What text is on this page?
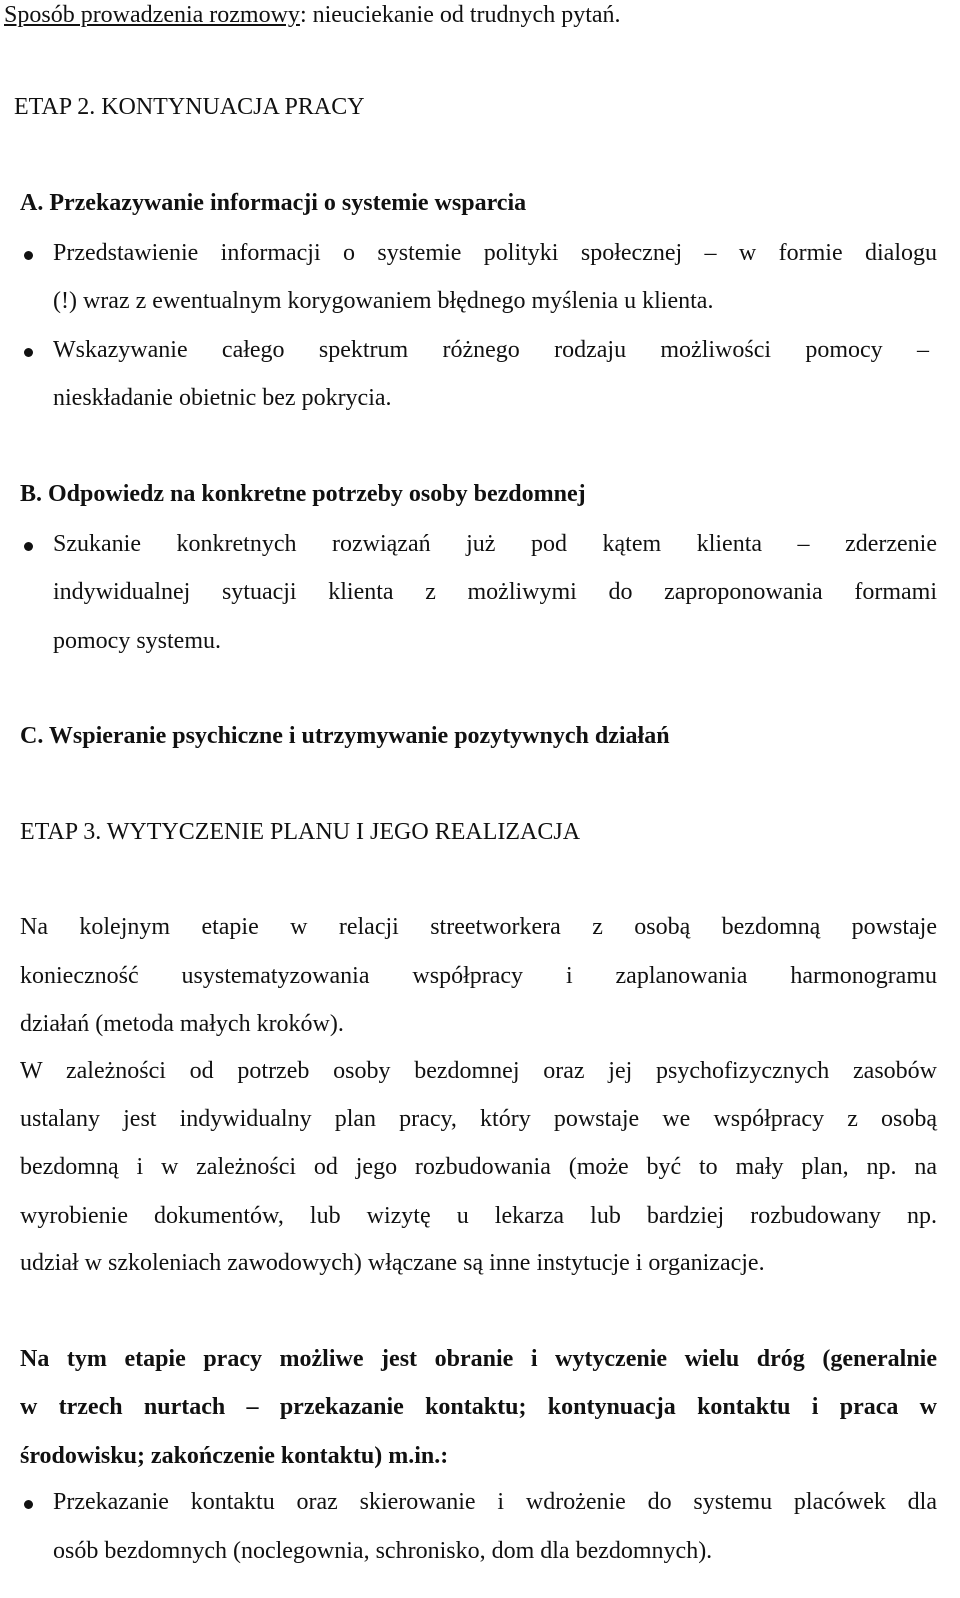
Sposób prowadzenia rozmowy: nieuciekanie od trudnych pytań.
ETAP 2. KONTYNUACJA PRACY
A. Przekazywanie informacji o systemie wsparcia
Przedstawienie informacji o systemie polityki społecznej – w formie dialogu
(!) wraz z ewentualnym korygowaniem błędnego myślenia u klienta.
Wskazywanie całego spektrum różnego rodzaju możliwości pomocy –
nieskładanie obietnic bez pokrycia.
B. Odpowiedz na konkretne potrzeby osoby bezdomnej
Szukanie konkretnych rozwiązań już pod kątem klienta – zderzenie
indywidualnej sytuacji klienta z możliwymi do zaproponowania formami
pomocy systemu.
C. Wspieranie psychiczne i utrzymywanie pozytywnych działań
ETAP 3. WYTYCZENIE PLANU I JEGO REALIZACJA
Na kolejnym etapie w relacji streetworkera z osobą bezdomną powstaje
konieczność usystematyzowania współpracy i zaplanowania harmonogramu
działań (metoda małych kroków).
W zależności od potrzeb osoby bezdomnej oraz jej psychofizycznych zasobów
ustalany jest indywidualny plan pracy, który powstaje we współpracy z osobą
bezdomną i w zależności od jego rozbudowania (może być to mały plan, np. na
wyrobienie dokumentów, lub wizytę u lekarza lub bardziej rozbudowany np.
udział w szkoleniach zawodowych) włączane są inne instytucje i organizacje.
Na tym etapie pracy możliwe jest obranie i wytyczenie wielu dróg (generalnie
w trzech nurtach – przekazanie kontaktu; kontynuacja kontaktu i praca w
środowisku; zakończenie kontaktu) m.in.:
Przekazanie kontaktu oraz skierowanie i wdrożenie do systemu placówek dla
osób bezdomnych (noclegownia, schronisko, dom dla bezdomnych).
